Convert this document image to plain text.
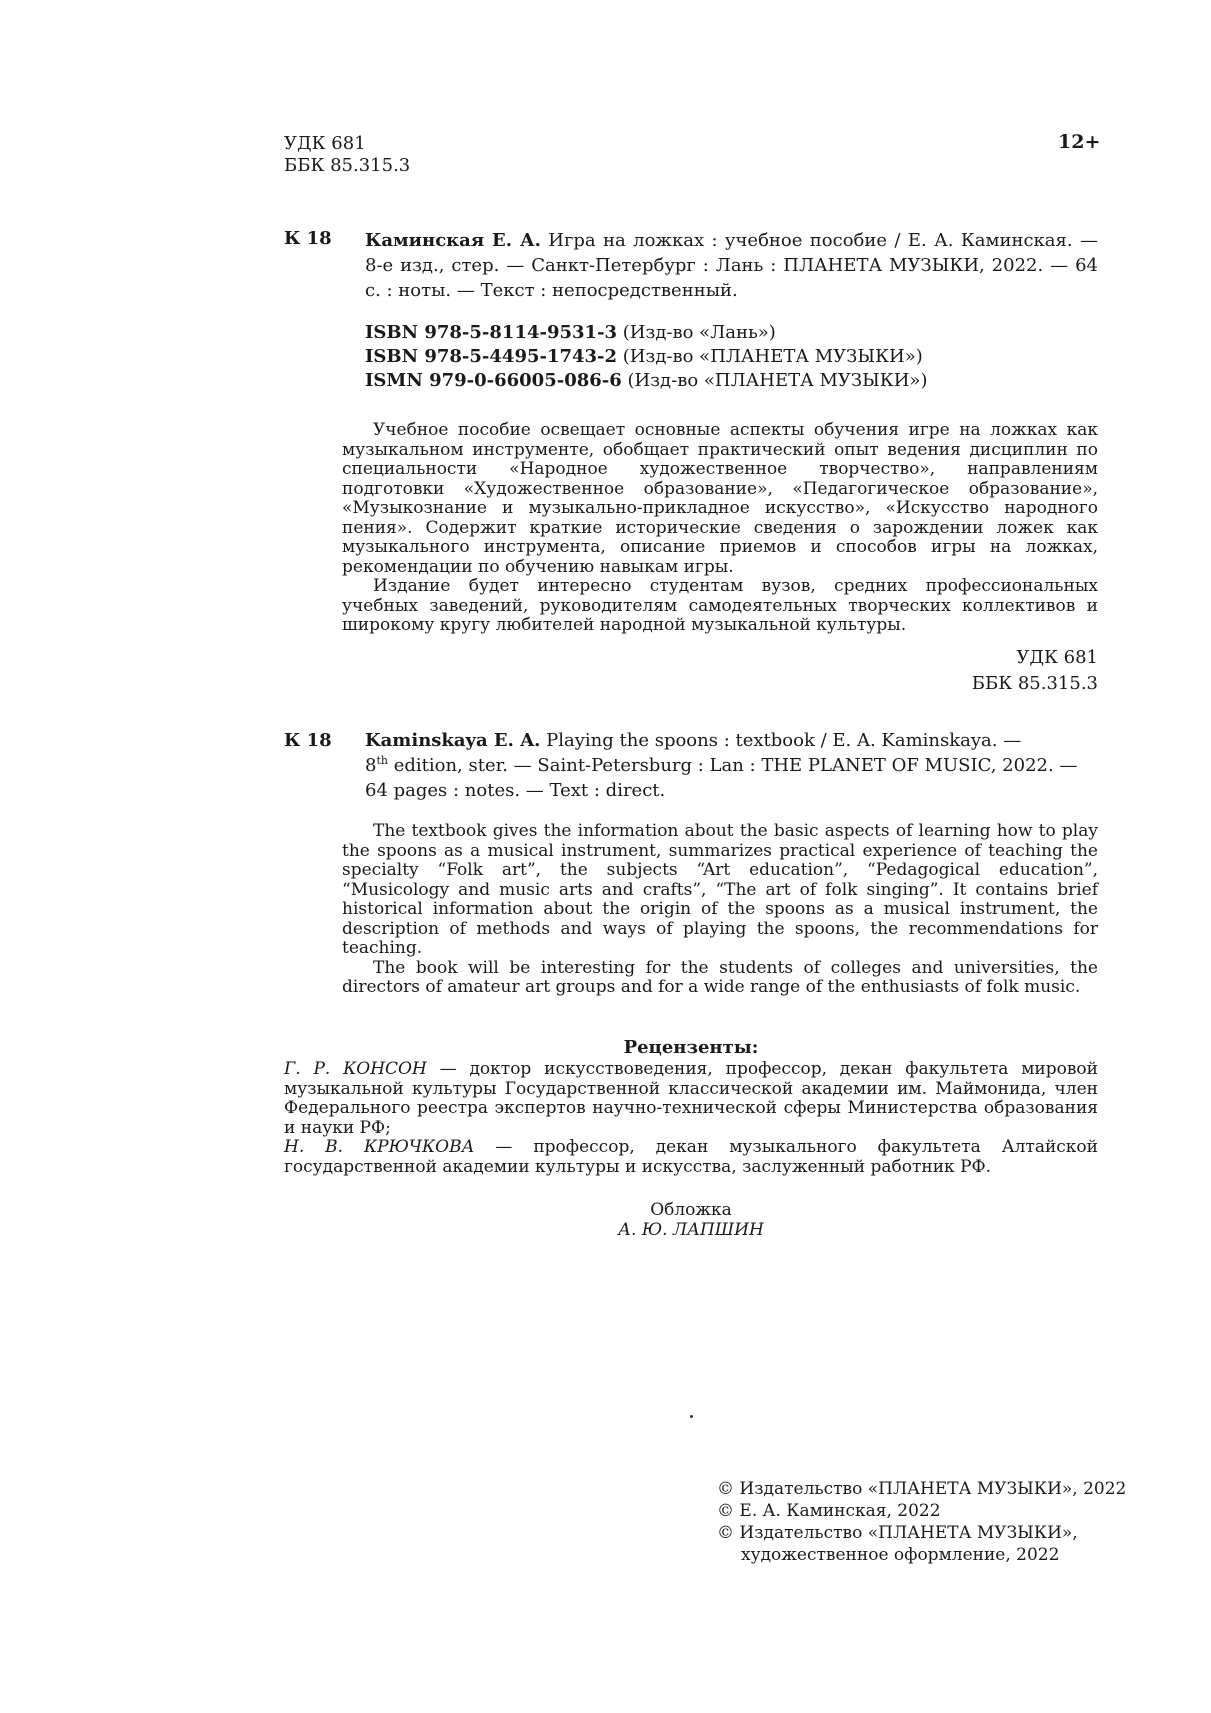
УДК 681
ББК 85.315.3
12+
К 18 Каминская Е. А. Игра на ложках : учебное пособие / Е. А. Каминская. — 8-е изд., стер. — Санкт-Петербург : Лань : ПЛАНЕТА МУЗЫКИ, 2022. — 64 с. : ноты. — Текст : непосредственный.
ISBN 978-5-8114-9531-3 (Изд-во «Лань»)
ISBN 978-5-4495-1743-2 (Изд-во «ПЛАНЕТА МУЗЫКИ»)
ISMN 979-0-66005-086-6 (Изд-во «ПЛАНЕТА МУЗЫКИ»)

Учебное пособие освещает основные аспекты обучения игре на ложках как музыкальном инструменте, обобщает практический опыт ведения дисциплин по специальности «Народное художественное творчество», направлениям подготовки «Художественное образование», «Педагогическое образование», «Музыкознание и музыкально-прикладное искусство», «Искусство народного пения». Содержит краткие исторические сведения о зарождении ложек как музыкального инструмента, описание приемов и способов игры на ложках, рекомендации по обучению навыкам игры.

Издание будет интересно студентам вузов, средних профессиональных учебных заведений, руководителям самодеятельных творческих коллективов и широкому кругу любителей народной музыкальной культуры.

УДК 681
ББК 85.315.3
К 18 Kaminskaya E. A. Playing the spoons : textbook / E. A. Kaminskaya. —
8th edition, ster. — Saint-Petersburg : Lan : THE PLANET OF MUSIC, 2022. —
64 pages : notes. — Text : direct.

The textbook gives the information about the basic aspects of learning how to play the spoons as a musical instrument, summarizes practical experience of teaching the specialty “Folk art”, the subjects “Art education”, “Pedagogical education”, “Musicology and music arts and crafts”, “The art of folk singing”. It contains brief historical information about the origin of the spoons as a musical instrument, the description of methods and ways of playing the spoons, the recommendations for teaching.

The book will be interesting for the students of colleges and universities, the directors of amateur art groups and for a wide range of the enthusiasts of folk music.

Рецензенты:

Г. Р. КОНСОН — доктор искусствоведения, профессор, декан факультета мировой музыкальной культуры Государственной классической академии им. Маймонида, член Федерального реестра экспертов научно-технической сферы Министерства образования и науки РФ;

Н. В. КРЮЧКОВА — профессор, декан музыкального факультета Алтайской государственной академии культуры и искусства, заслуженный работник РФ.

Обложка
А. Ю. ЛАПШИН
© Издательство «ПЛАНЕТА МУЗЫКИ», 2022
© Е. А. Каминская, 2022
© Издательство «ПЛАНЕТА МУЗЫКИ»,
художественное оформление, 2022
